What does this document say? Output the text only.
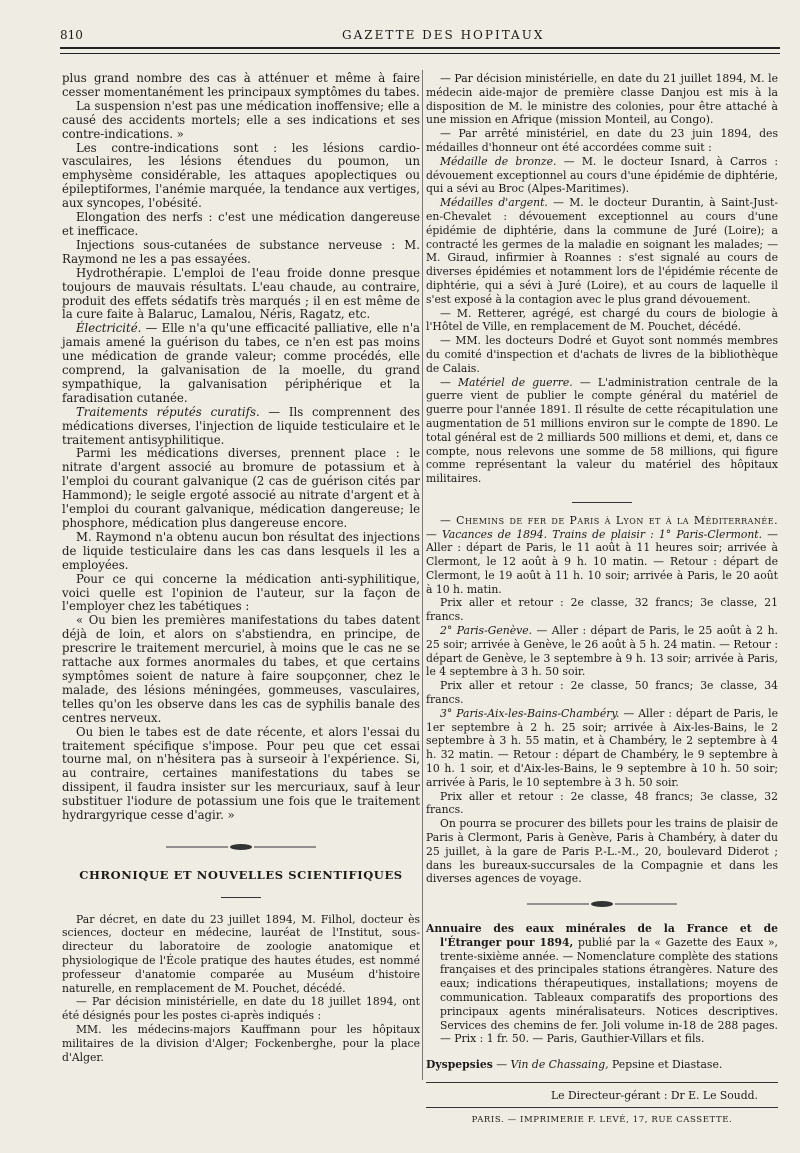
810	GAZETTE DES HOPITAUX

plus grand nombre des cas à atténuer et même à faire cesser momentanément les principaux symptômes du tabes.

La suspension n'est pas une médication inoffensive; elle a causé des accidents mortels; elle a ses indications et ses contre-indications. »

Les contre-indications sont : les lésions cardio-vasculaires, les lésions étendues du poumon, un emphysème considérable, les attaques apoplectiques ou épileptiformes, l'anémie marquée, la tendance aux vertiges, aux syncopes, l'obésité.

Elongation des nerfs : c'est une médication dangereuse et inefficace.

Injections sous-cutanées de substance nerveuse : M. Raymond ne les a pas essayées.

Hydrothérapie. L'emploi de l'eau froide donne presque toujours de mauvais résultats. L'eau chaude, au contraire, produit des effets sédatifs très marqués ; il en est même de la cure faite à Balaruc, Lamalou, Néris, Ragatz, etc.

Électricité. — Elle n'a qu'une efficacité palliative, elle n'a jamais amené la guérison du tabes, ce n'en est pas moins une médication de grande valeur; comme procédés, elle comprend, la galvanisation de la moelle, du grand sympathique, la galvanisation périphérique et la faradisation cutanée.

Traitements réputés curatifs. — Ils comprennent des médications diverses, l'injection de liquide testiculaire et le traitement antisyphilitique.

Parmi les médications diverses, prennent place : le nitrate d'argent associé au bromure de potassium et à l'emploi du courant galvanique (2 cas de guérison cités par Hammond); le seigle ergoté associé au nitrate d'argent et à l'emploi du courant galvanique, médication dangereuse; le phosphore, médication plus dangereuse encore.

M. Raymond n'a obtenu aucun bon résultat des injections de liquide testiculaire dans les cas dans lesquels il les a employées.

Pour ce qui concerne la médication anti-syphilitique, voici quelle est l'opinion de l'auteur, sur la façon de l'employer chez les tabétiques :

« Ou bien les premières manifestations du tabes datent déjà de loin, et alors on s'abstiendra, en principe, de prescrire le traitement mercuriel, à moins que le cas ne se rattache aux formes anormales du tabes, et que certains symptômes soient de nature à faire soupçonner, chez le malade, des lésions méningées, gommeuses, vasculaires, telles qu'on les observe dans les cas de syphilis banale des centres nerveux.

Ou bien le tabes est de date récente, et alors l'essai du traitement spécifique s'impose. Pour peu que cet essai tourne mal, on n'hésitera pas à surseoir à l'expérience. Si, au contraire, certaines manifestations du tabes se dissipent, il faudra insister sur les mercuriaux, sauf à leur substituer l'iodure de potassium une fois que le traitement hydrargyrique cesse d'agir. »

CHRONIQUE ET NOUVELLES SCIENTIFIQUES

Par décret, en date du 23 juillet 1894, M. Filhol, docteur ès sciences, docteur en médecine, lauréat de l'Institut, sous-directeur du laboratoire de zoologie anatomique et physiologique de l'École pratique des hautes études, est nommé professeur d'anatomie comparée au Muséum d'histoire naturelle, en remplacement de M. Pouchet, décédé.

— Par décision ministérielle, en date du 18 juillet 1894, ont été désignés pour les postes ci-après indiqués :

MM. les médecins-majors Kauffmann pour les hôpitaux militaires de la division d'Alger; Fockenberghe, pour la place d'Alger.

— Par décision ministérielle, en date du 21 juillet 1894, M. le médecin aide-major de première classe Danjou est mis à la disposition de M. le ministre des colonies, pour être attaché à une mission en Afrique (mission Monteil, au Congo).

— Par arrêté ministériel, en date du 23 juin 1894, des médailles d'honneur ont été accordées comme suit :

Médaille de bronze. — M. le docteur Isnard, à Carros : dévouement exceptionnel au cours d'une épidémie de diphtérie, qui a sévi au Broc (Alpes-Maritimes).

Médailles d'argent. — M. le docteur Durantin, à Saint-Just-en-Chevalet : dévouement exceptionnel au cours d'une épidémie de diphtérie, dans la commune de Juré (Loire); a contracté les germes de la maladie en soignant les malades; — M. Giraud, infirmier à Roannes : s'est signalé au cours de diverses épidémies et notamment lors de l'épidémie récente de diphtérie, qui a sévi à Juré (Loire), et au cours de laquelle il s'est exposé à la contagion avec le plus grand dévouement.

— M. Retterer, agrégé, est chargé du cours de biologie à l'Hôtel de Ville, en remplacement de M. Pouchet, décédé.

— MM. les docteurs Dodré et Guyot sont nommés membres du comité d'inspection et d'achats de livres de la bibliothèque de Calais.

— Matériel de guerre. — L'administration centrale de la guerre vient de publier le compte général du matériel de guerre pour l'année 1891. Il résulte de cette récapitulation une augmentation de 51 millions environ sur le compte de 1890. Le total général est de 2 milliards 500 millions et demi, et, dans ce compte, nous relevons une somme de 58 millions, qui figure comme représentant la valeur du matériel des hôpitaux militaires.

— Chemins de fer de Paris à Lyon et à la Méditerranée. — Vacances de 1894. Trains de plaisir : 1° Paris-Clermont. — Aller : départ de Paris, le 11 août à 11 heures soir; arrivée à Clermont, le 12 août à 9 h. 10 matin. — Retour : départ de Clermont, le 19 août à 11 h. 10 soir; arrivée à Paris, le 20 août à 10 h. matin.

Prix aller et retour : 2e classe, 32 francs; 3e classe, 21 francs.

2° Paris-Genève. — Aller : départ de Paris, le 25 août à 2 h. 25 soir; arrivée à Genève, le 26 août à 5 h. 24 matin. — Retour : départ de Genève, le 3 septembre à 9 h. 13 soir; arrivée à Paris, le 4 septembre à 3 h. 50 soir.

Prix aller et retour : 2e classe, 50 francs; 3e classe, 34 francs.

3° Paris-Aix-les-Bains-Chambéry. — Aller : départ de Paris, le 1er septembre à 2 h. 25 soir; arrivée à Aix-les-Bains, le 2 septembre à 3 h. 55 matin, et à Chambéry, le 2 septembre à 4 h. 32 matin. — Retour : départ de Chambéry, le 9 septembre à 10 h. 1 soir, et d'Aix-les-Bains, le 9 septembre à 10 h. 50 soir; arrivée à Paris, le 10 septembre à 3 h. 50 soir.

Prix aller et retour : 2e classe, 48 francs; 3e classe, 32 francs.

On pourra se procurer des billets pour les trains de plaisir de Paris à Clermont, Paris à Genève, Paris à Chambéry, à dater du 25 juillet, à la gare de Paris P.-L.-M., 20, boulevard Diderot ; dans les bureaux-succursales de la Compagnie et dans les diverses agences de voyage.

Annuaire des eaux minérales de la France et de l'Étranger pour 1894, publié par la « Gazette des Eaux », trente-sixième année. — Nomenclature complète des stations françaises et des principales stations étrangères. Nature des eaux; indications thérapeutiques, installations; moyens de communication. Tableaux comparatifs des proportions des principaux agents minéralisateurs. Notices descriptives. Services des chemins de fer. Joli volume in-18 de 288 pages. — Prix : 1 fr. 50. — Paris, Gauthier-Villars et fils.

Dyspepsies — Vin de Chassaing, Pepsine et Diastase.

Le Directeur-gérant : Dr E. Le Soudd.
PARIS. — IMPRIMERIE F. LEVÉ, 17, RUE CASSETTE.
